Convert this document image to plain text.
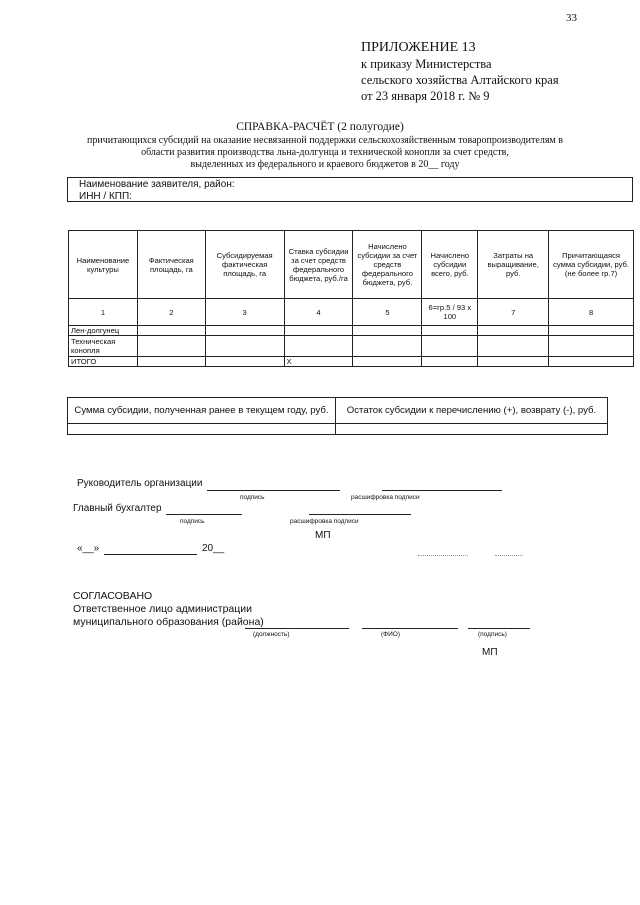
33
ПРИЛОЖЕНИЕ 13
к приказу Министерства
сельского хозяйства Алтайского края
от 23 января 2018 г. № 9
СПРАВКА-РАСЧЁТ (2 полугодие)
причитающихся субсидий на оказание несвязанной поддержки сельскохозяйственным товаропроизводителям в
области развития производства льна-долгунца и технической конопли за счет средств,
выделенных из федерального и краевого бюджетов в 20__ году
Наименование заявителя, район:
ИНН / КПП:
Наименование культуры	Фактическая площадь, га	Субсидируемая фактическая площадь, га	Ставка субсидии за счет средств федерального бюджета, руб./га	Начислено субсидии за счет средств федерального бюджета, руб.	Начислено субсидии всего, руб.	Затраты на выращивание, руб.	Причитающаяся сумма субсидии, руб. (не более гр.7)
1	2	3	4	5	6=гр.5 / 93 х 100	7	8
Лен-долгунец							
Техническая конопля							
ИТОГО			X				
Сумма субсидии, полученная ранее в текущем году, руб.	Остаток субсидии к перечислению (+), возврату (-), руб.

Руководитель организации
подпись	расшифровка подписи
Главный бухгалтер
подпись	расшифровка подписи
МП
«__»	20__
СОГЛАСОВАНО
Ответственное лицо администрации
муниципального образования (района)
(должность)	(ФИО)	(подпись)
МП
